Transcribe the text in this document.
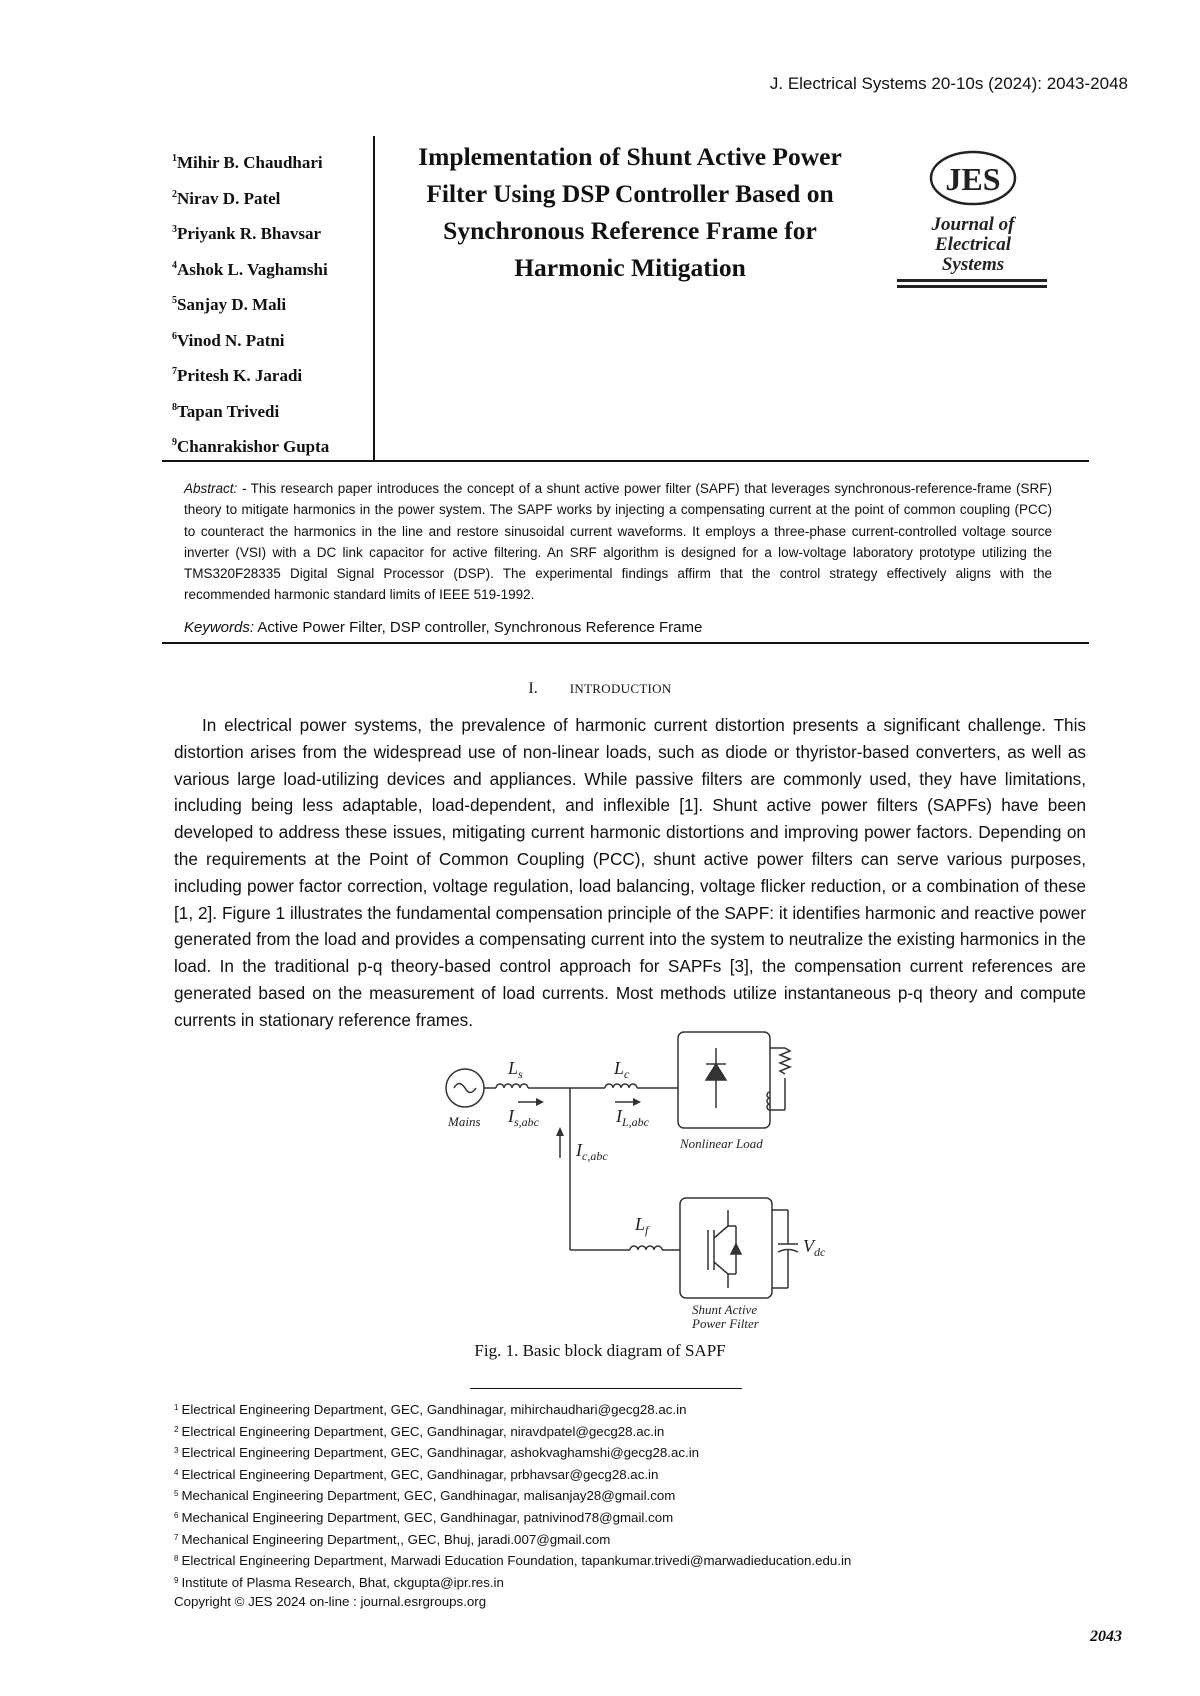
J. Electrical Systems 20-10s (2024): 2043-2048
$^1$Mihir B. Chaudhari
$^2$Nirav D. Patel
$^3$Priyank R. Bhavsar
$^4$Ashok L. Vaghamshi
$^5$Sanjay D. Mali
$^6$Vinod N. Patni
$^7$Pritesh K. Jaradi
$^8$Tapan Trivedi
$^9$Chanrakishor Gupta
Implementation of Shunt Active Power Filter Using DSP Controller Based on Synchronous Reference Frame for Harmonic Mitigation
JES
Journal of
Electrical
Systems
Abstract: - This research paper introduces the concept of a shunt active power filter (SAPF) that leverages synchronous-reference-frame (SRF) theory to mitigate harmonics in the power system. The SAPF works by injecting a compensating current at the point of common coupling (PCC) to counteract the harmonics in the line and restore sinusoidal current waveforms. It employs a three-phase current-controlled voltage source inverter (VSI) with a DC link capacitor for active filtering. An SRF algorithm is designed for a low-voltage laboratory prototype utilizing the TMS320F28335 Digital Signal Processor (DSP). The experimental findings affirm that the control strategy effectively aligns with the recommended harmonic standard limits of IEEE 519-1992.
Keywords: Active Power Filter, DSP controller, Synchronous Reference Frame
I. INTRODUCTION

In electrical power systems, the prevalence of harmonic current distortion presents a significant challenge. This distortion arises from the widespread use of non-linear loads, such as diode or thyristor-based converters, as well as various large load-utilizing devices and appliances. While passive filters are commonly used, they have limitations, including being less adaptable, load-dependent, and inflexible [1]. Shunt active power filters (SAPFs) have been developed to address these issues, mitigating current harmonic distortions and improving power factors. Depending on the requirements at the Point of Common Coupling (PCC), shunt active power filters can serve various purposes, including power factor correction, voltage regulation, load balancing, voltage flicker reduction, or a combination of these [1, 2]. Figure 1 illustrates the fundamental compensation principle of the SAPF: it identifies harmonic and reactive power generated from the load and provides a compensating current into the system to neutralize the existing harmonics in the load. In the traditional p-q theory-based control approach for SAPFs [3], the compensation current references are generated based on the measurement of load currents. Most methods utilize instantaneous p-q theory and compute currents in stationary reference frames.

Mains
$L_s$	$L_c$
$L_f$
$I_{s,abc}$	$I_{L,abc}$
$I_{c,abc}$
$V_{dc}$
Nonlinear Load
Shunt Active
Power Filter
Fig. 1. Basic block diagram of SAPF
$^1$ Electrical Engineering Department, GEC, Gandhinagar, mihirchaudhari@gecg28.ac.in
$^2$ Electrical Engineering Department, GEC, Gandhinagar, niravdpatel@gecg28.ac.in
$^3$ Electrical Engineering Department, GEC, Gandhinagar, ashokvaghamshi@gecg28.ac.in
$^4$ Electrical Engineering Department, GEC, Gandhinagar, prbhavsar@gecg28.ac.in
$^5$ Mechanical Engineering Department, GEC, Gandhinagar, malisanjay28@gmail.com
$^6$ Mechanical Engineering Department, GEC, Gandhinagar, patnivinod78@gmail.com
$^7$ Mechanical Engineering Department,, GEC, Bhuj, jaradi.007@gmail.com
$^8$ Electrical Engineering Department, Marwadi Education Foundation, tapankumar.trivedi@marwadieducation.edu.in
$^9$ Institute of Plasma Research, Bhat, ckgupta@ipr.res.in
Copyright © JES 2024 on-line : journal.esrgroups.org
2043
